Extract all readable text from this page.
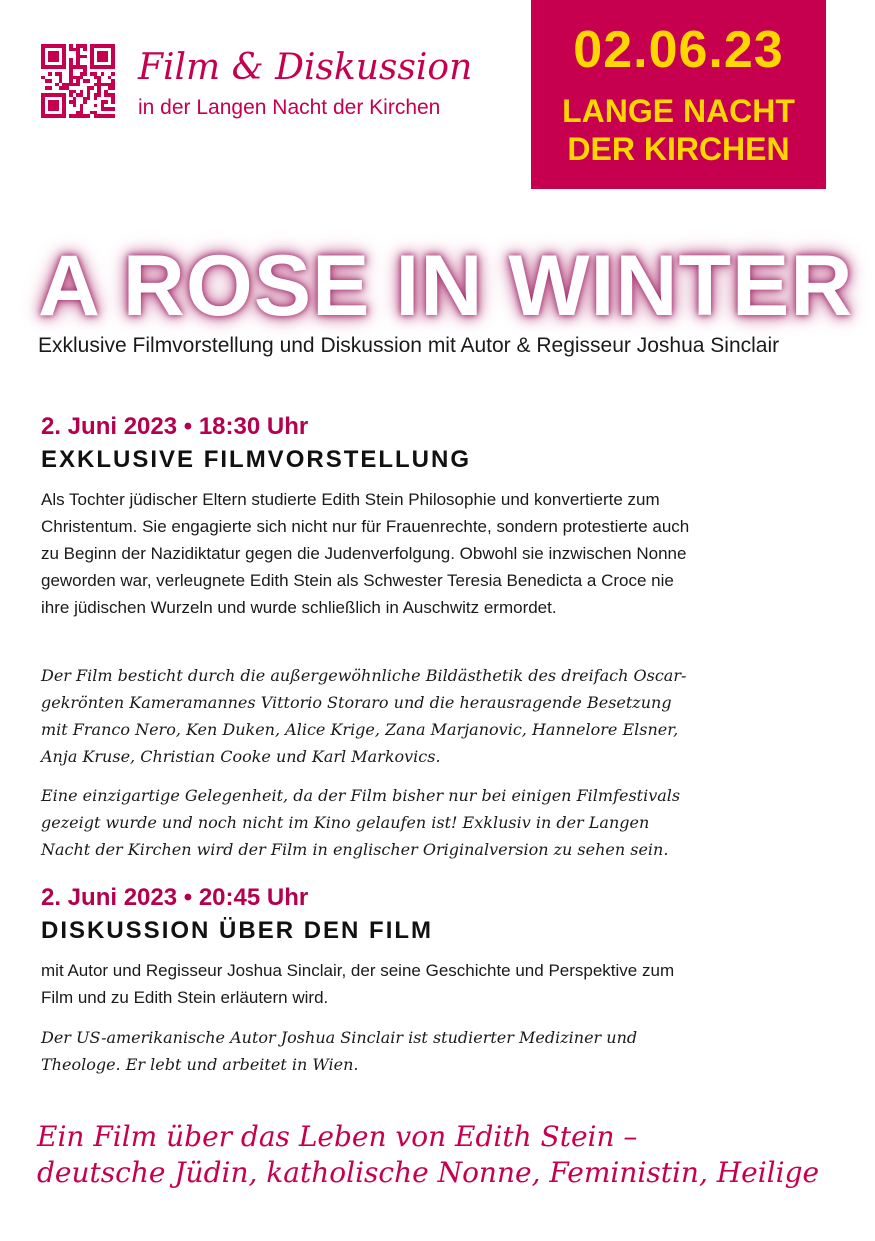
Film & Diskussion

in der Langen Nacht der Kirchen

02.06.23

LANGE NACHT
DER KIRCHEN

A ROSE IN WINTER

Exklusive Filmvorstellung und Diskussion mit Autor & Regisseur Joshua Sinclair

2. Juni 2023 • 18:30 Uhr

EXKLUSIVE FILMVORSTELLUNG

Als Tochter jüdischer Eltern studierte Edith Stein Philosophie und konvertierte zum Christentum. Sie engagierte sich nicht nur für Frauenrechte, sondern protestierte auch zu Beginn der Nazidiktatur gegen die Judenverfolgung. Obwohl sie inzwischen Nonne geworden war, verleugnete Edith Stein als Schwester Teresia Benedicta a Croce nie ihre jüdischen Wurzeln und wurde schließlich in Auschwitz ermordet.

Der Film besticht durch die außergewöhnliche Bildästhetik des dreifach Oscar-gekrönten Kameramannes Vittorio Storaro und die herausragende Besetzung mit Franco Nero, Ken Duken, Alice Krige, Zana Marjanovic, Hannelore Elsner, Anja Kruse, Christian Cooke und Karl Markovics.

Eine einzigartige Gelegenheit, da der Film bisher nur bei einigen Filmfestivals gezeigt wurde und noch nicht im Kino gelaufen ist! Exklusiv in der Langen Nacht der Kirchen wird der Film in englischer Originalversion zu sehen sein.

2. Juni 2023 • 20:45 Uhr

DISKUSSION ÜBER DEN FILM

mit Autor und Regisseur Joshua Sinclair, der seine Geschichte und Perspektive zum Film und zu Edith Stein erläutern wird.

Der US-amerikanische Autor Joshua Sinclair ist studierter Mediziner und Theologe. Er lebt und arbeitet in Wien.

Ein Film über das Leben von Edith Stein –
deutsche Jüdin, katholische Nonne, Feministin, Heilige
